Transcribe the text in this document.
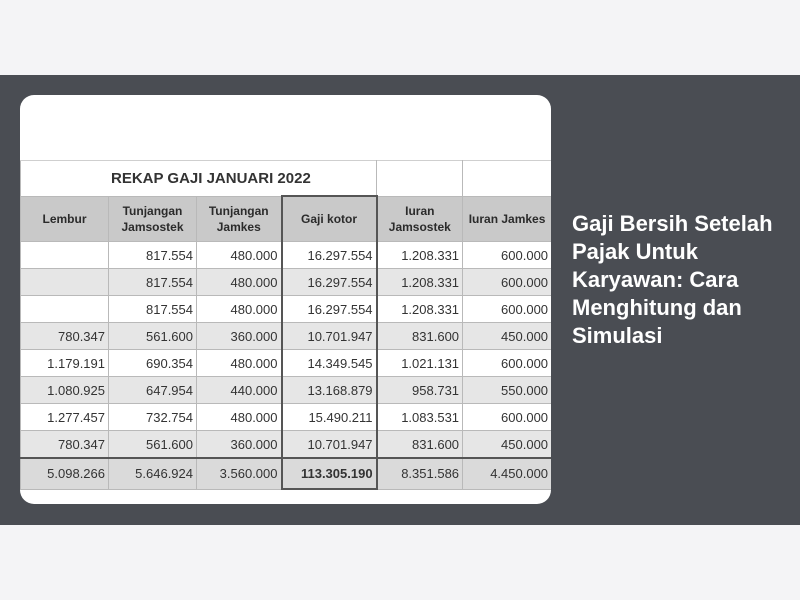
REKAP GAJI JANUARI 2022					
Lembur	Tunjangan Jamsostek	Tunjangan Jamkes	Gaji kotor	Iuran Jamsostek	Iuran Jamkes
	817.554	480.000	16.297.554	1.208.331	600.000
	817.554	480.000	16.297.554	1.208.331	600.000
	817.554	480.000	16.297.554	1.208.331	600.000
780.347	561.600	360.000	10.701.947	831.600	450.000
1.179.191	690.354	480.000	14.349.545	1.021.131	600.000
1.080.925	647.954	440.000	13.168.879	958.731	550.000
1.277.457	732.754	480.000	15.490.211	1.083.531	600.000
780.347	561.600	360.000	10.701.947	831.600	450.000
5.098.266	5.646.924	3.560.000	113.305.190	8.351.586	4.450.000
Gaji Bersih Setelah Pajak Untuk Karyawan: Cara Menghitung dan Simulasi
